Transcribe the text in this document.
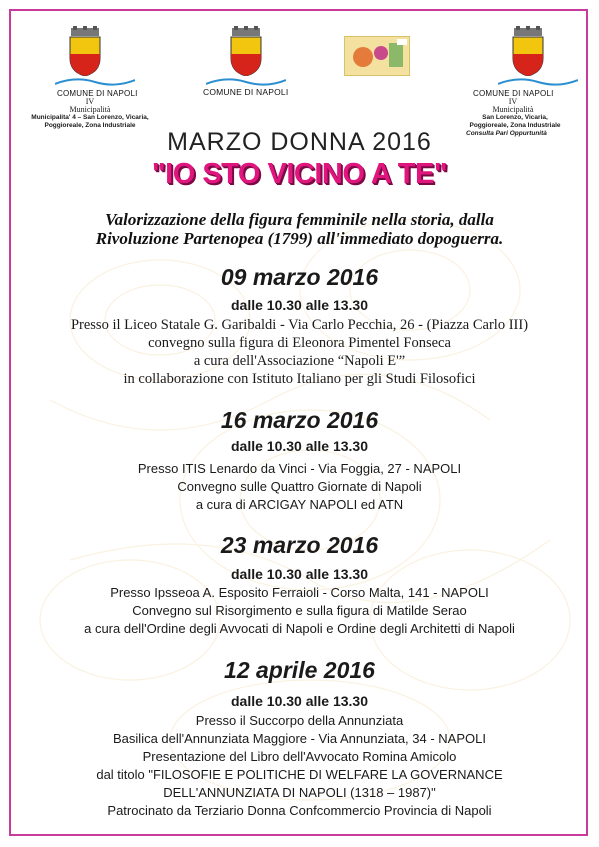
COMUNE DI NAPOLI
IV
Municipalità
Municipalita' 4 – San Lorenzo, Vicaria,
Poggioreale, Zona Industriale
COMUNE DI NAPOLI	COMUNE DI NAPOLI
IV
Municipalità
San Lorenzo, Vicaria,
Poggioreale, Zona Industriale
Consulta Pari Oppurtunità
MARZO DONNA 2016
"IO STO VICINO A TE"
Valorizzazione della figura femminile nella storia, dalla
Rivoluzione Partenopea (1799) all'immediato dopoguerra.
09 marzo 2016
dalle 10.30 alle 13.30
Presso il Liceo Statale G. Garibaldi - Via Carlo Pecchia, 26 - (Piazza Carlo III)
convegno sulla figura di Eleonora Pimentel Fonseca
a cura dell'Associazione “Napoli E'”
in collaborazione con Istituto Italiano per gli Studi Filosofici
16 marzo 2016
dalle 10.30 alle 13.30
Presso ITIS Lenardo da Vinci - Via Foggia, 27 - NAPOLI
Convegno sulle Quattro Giornate di Napoli
a cura di ARCIGAY NAPOLI ed ATN
23 marzo 2016
dalle 10.30 alle 13.30
Presso Ipsseoa A. Esposito Ferraioli - Corso Malta, 141 - NAPOLI
Convegno sul Risorgimento e sulla figura di Matilde Serao
a cura dell'Ordine degli Avvocati di Napoli e Ordine degli Architetti di Napoli
12 aprile 2016
dalle 10.30 alle 13.30
Presso il Succorpo della Annunziata
Basilica dell'Annunziata Maggiore - Via Annunziata, 34 - NAPOLI
Presentazione del Libro dell'Avvocato Romina Amicolo
dal titolo "FILOSOFIE E POLITICHE DI WELFARE LA GOVERNANCE
DELL'ANNUNZIATA DI NAPOLI (1318 – 1987)"
Patrocinato da Terziario Donna Confcommercio Provincia di Napoli
